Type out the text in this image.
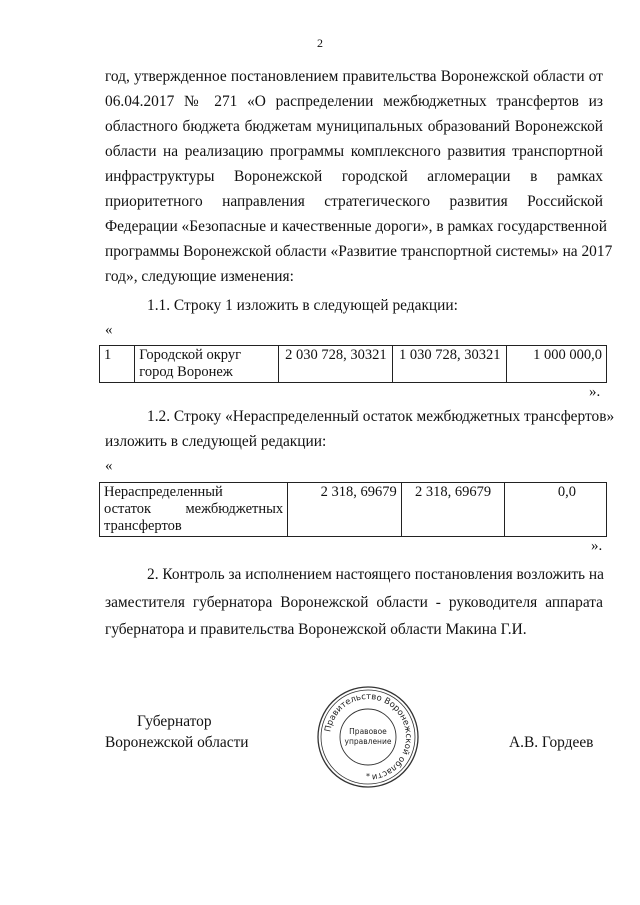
2
год, утвержденное постановлением правительства Воронежской области от
06.04.2017 № 271 «О распределении межбюджетных трансфертов из
областного бюджета бюджетам муниципальных образований Воронежской
области на реализацию программы комплексного развития транспортной
инфраструктуры Воронежской городской агломерации в рамках
приоритетного направления стратегического развития Российской
Федерации «Безопасные и качественные дороги», в рамках государственной
программы Воронежской области «Развитие транспортной системы» на 2017
год», следующие изменения:
1.1. Строку 1 изложить в следующей редакции:
«
1	Городской округ
город Воронеж
	2 030 728, 30321	1 030 728, 30321	1 000 000,0
».
1.2. Строку «Нераспределенный остаток межбюджетных трансфертов»
изложить в следующей редакции:
«
Нераспределенный
остаток межбюджетных
трансфертов
	2 318, 69679	2 318, 69679	0,0
».
2. Контроль за исполнением настоящего постановления возложить на
заместителя губернатора Воронежской области - руководителя аппарата
губернатора и правительства Воронежской области Макина Г.И.
Губернатор
Воронежской области	А.В. Гордеев
Правительство Воронежской области
Правовое
управление
*
